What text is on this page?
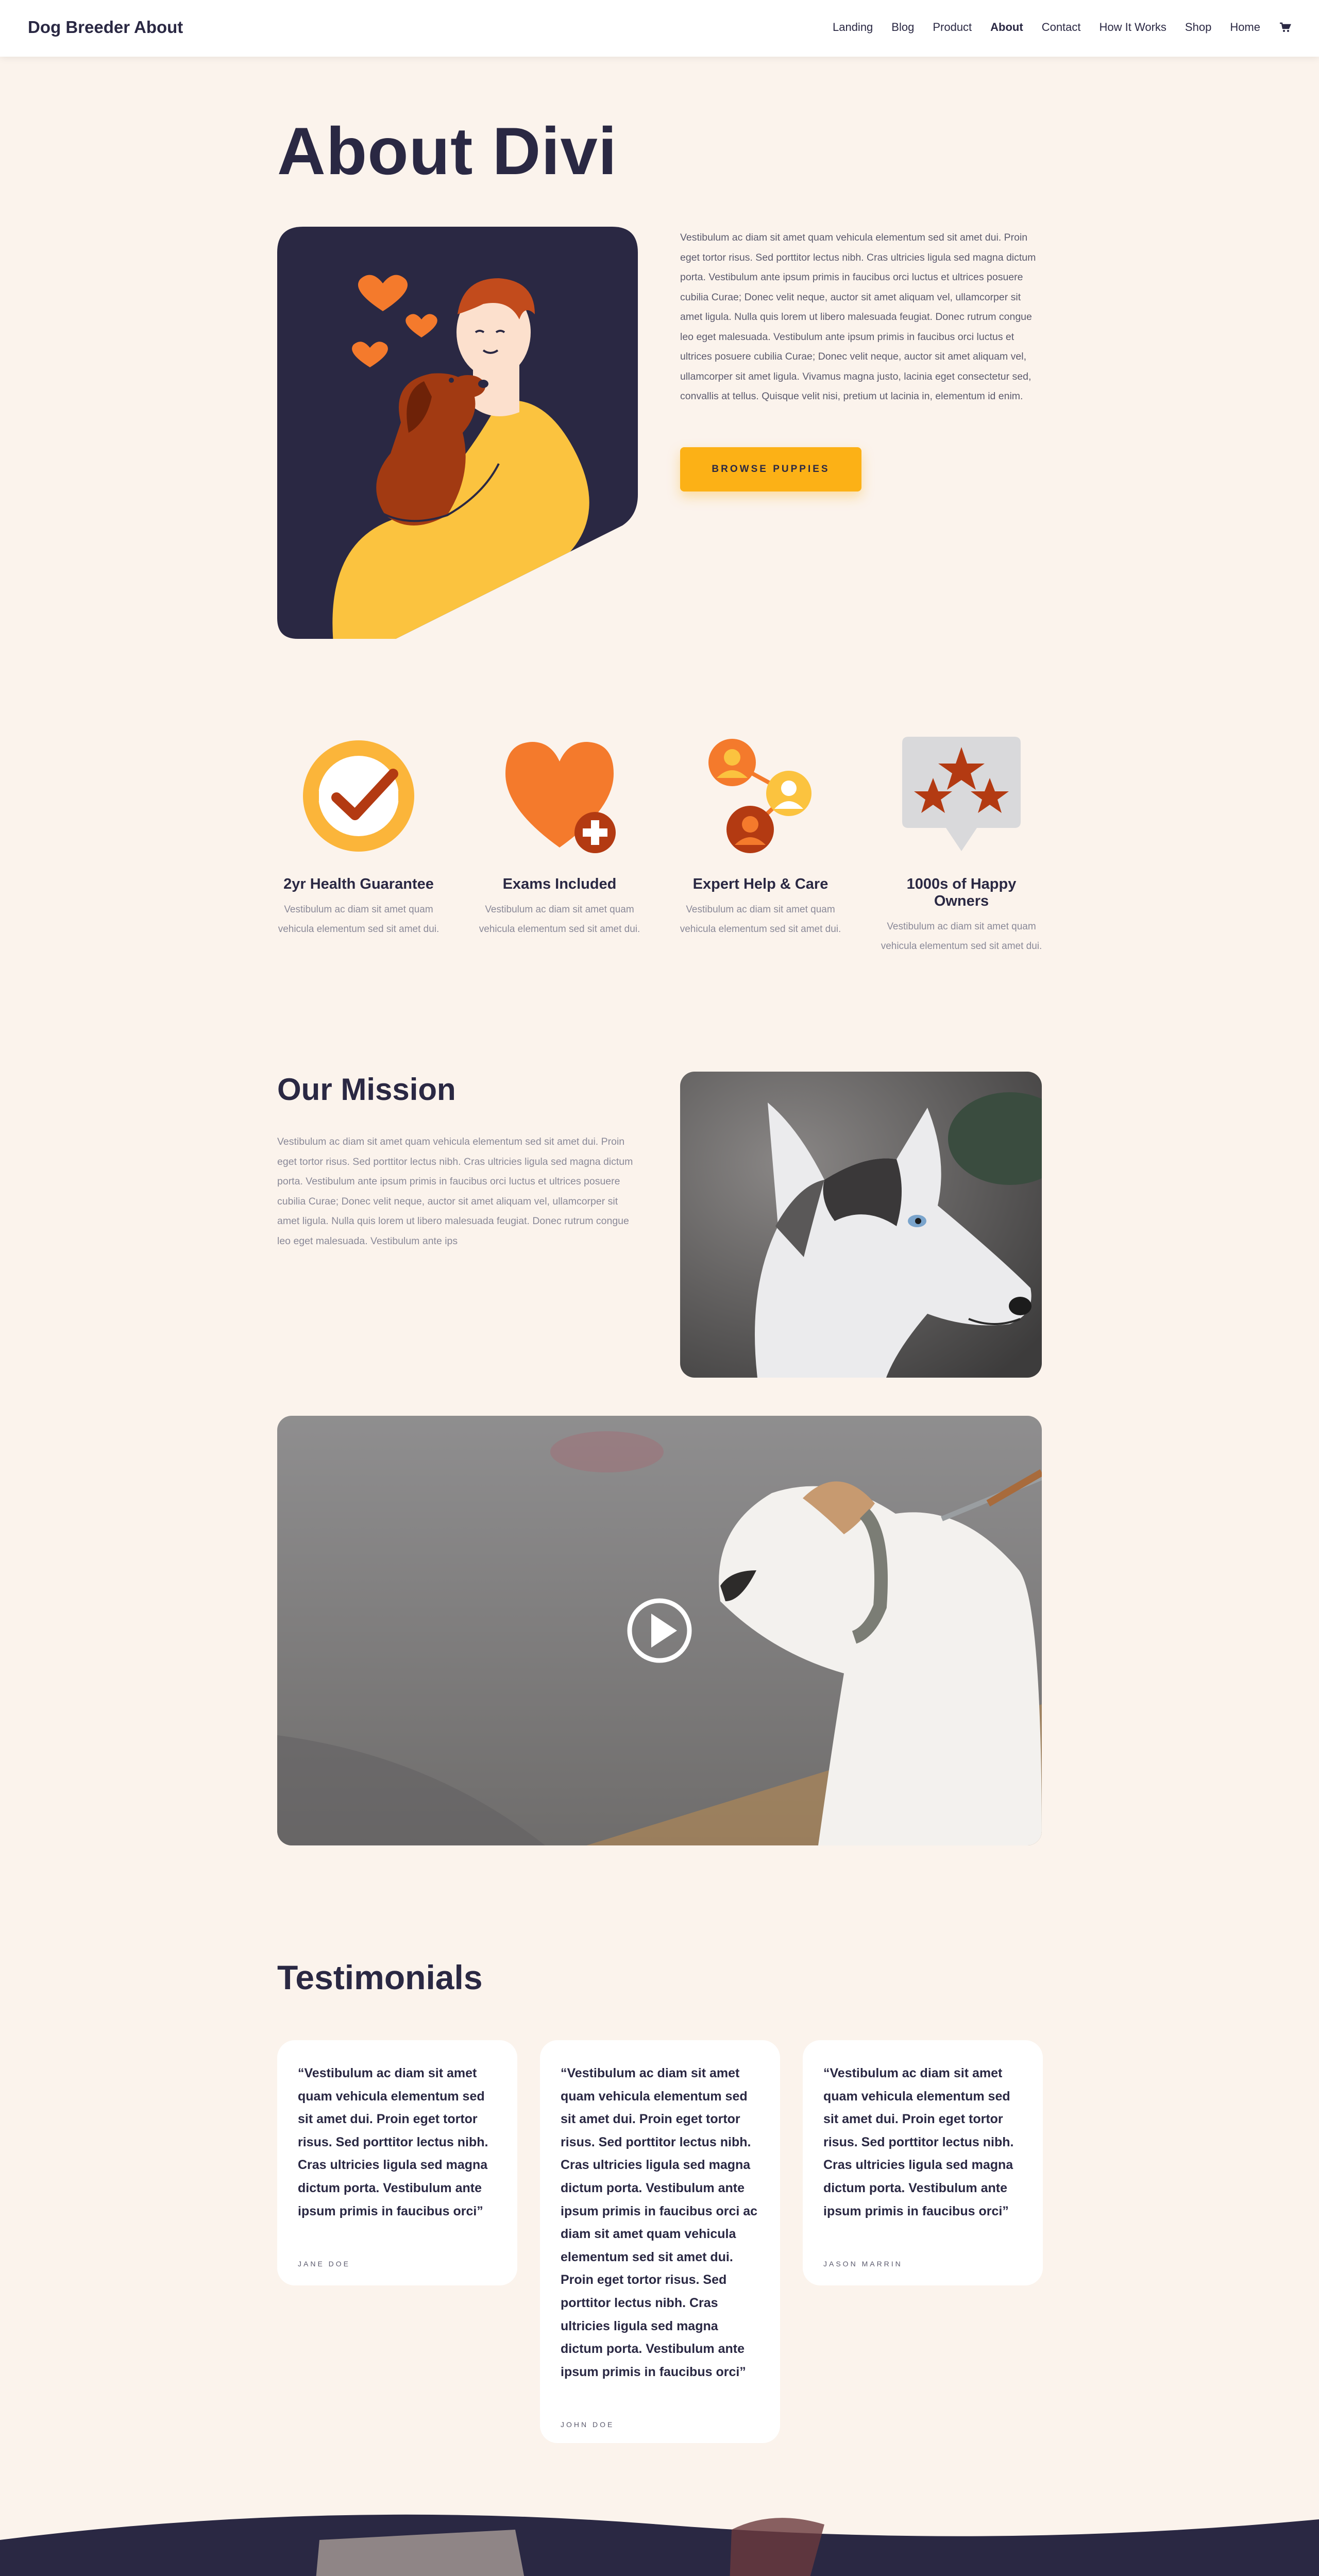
Dog Breeder About	Landing Blog Product About Contact How It Works Shop Home
About Divi
Vestibulum ac diam sit amet quam vehicula elementum sed sit amet dui. Proin eget tortor risus. Sed porttitor lectus nibh. Cras ultricies ligula sed magna dictum porta. Vestibulum ante ipsum primis in faucibus orci luctus et ultrices posuere cubilia Curae; Donec velit neque, auctor sit amet aliquam vel, ullamcorper sit amet ligula. Nulla quis lorem ut libero malesuada feugiat. Donec rutrum congue leo eget malesuada. Vestibulum ante ipsum primis in faucibus orci luctus et ultrices posuere cubilia Curae; Donec velit neque, auctor sit amet aliquam vel, ullamcorper sit amet ligula. Vivamus magna justo, lacinia eget consectetur sed, convallis at tellus. Quisque velit nisi, pretium ut lacinia in, elementum id enim.
BROWSE PUPPIES
2yr Health Guarantee
Vestibulum ac diam sit amet quam vehicula elementum sed sit amet dui.
Exams Included
Vestibulum ac diam sit amet quam vehicula elementum sed sit amet dui.
Expert Help & Care
Vestibulum ac diam sit amet quam vehicula elementum sed sit amet dui.
1000s of Happy Owners
Vestibulum ac diam sit amet quam vehicula elementum sed sit amet dui.
Our Mission
Vestibulum ac diam sit amet quam vehicula elementum sed sit amet dui. Proin eget tortor risus. Sed porttitor lectus nibh. Cras ultricies ligula sed magna dictum porta. Vestibulum ante ipsum primis in faucibus orci luctus et ultrices posuere cubilia Curae; Donec velit neque, auctor sit amet aliquam vel, ullamcorper sit amet ligula. Nulla quis lorem ut libero malesuada feugiat. Donec rutrum congue leo eget malesuada. Vestibulum ante ips
Testimonials
“Vestibulum ac diam sit amet quam vehicula elementum sed sit amet dui. Proin eget tortor risus. Sed porttitor lectus nibh. Cras ultricies ligula sed magna dictum porta. Vestibulum ante ipsum primis in faucibus orci”
JANE DOE
“Vestibulum ac diam sit amet quam vehicula elementum sed sit amet dui. Proin eget tortor risus. Sed porttitor lectus nibh. Cras ultricies ligula sed magna dictum porta. Vestibulum ante ipsum primis in faucibus orci ac diam sit amet quam vehicula elementum sed sit amet dui. Proin eget tortor risus. Sed porttitor lectus nibh. Cras ultricies ligula sed magna dictum porta. Vestibulum ante ipsum primis in faucibus orci”
JOHN DOE
“Vestibulum ac diam sit amet quam vehicula elementum sed sit amet dui. Proin eget tortor risus. Sed porttitor lectus nibh. Cras ultricies ligula sed magna dictum porta. Vestibulum ante ipsum primis in faucibus orci”
JASON MARRIN
